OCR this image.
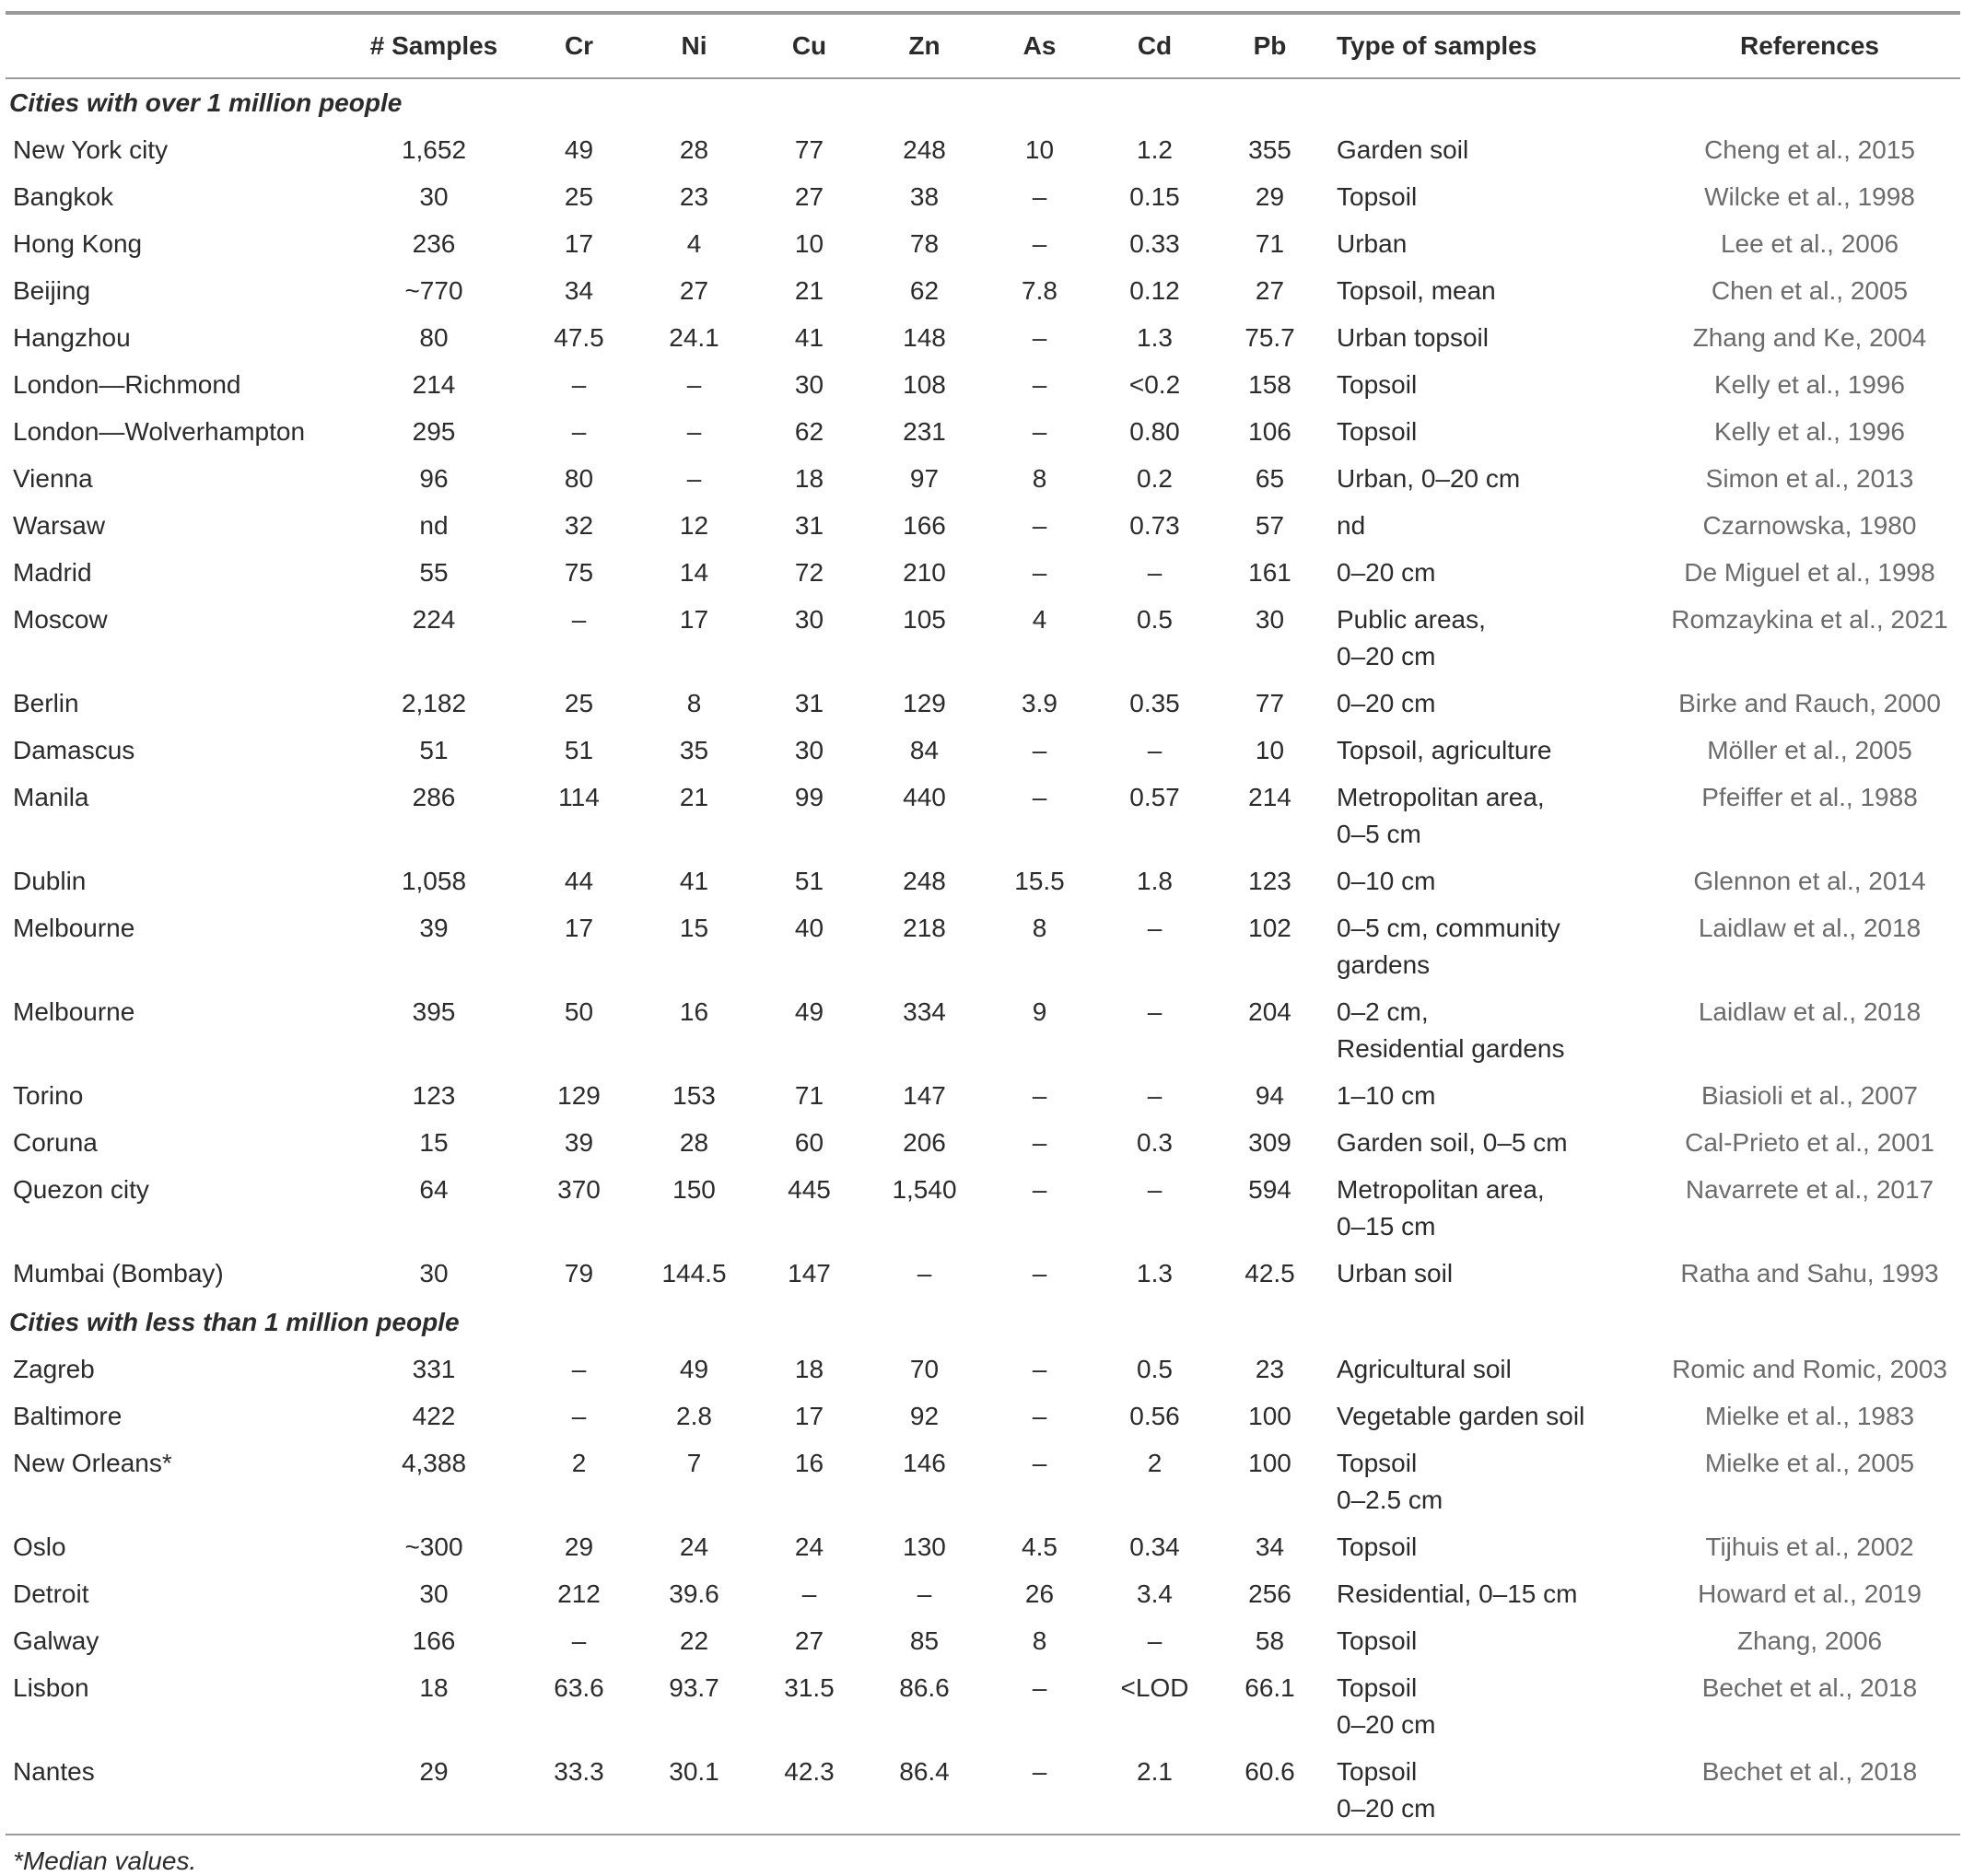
	# Samples	Cr	Ni	Cu	Zn	As	Cd	Pb	Type of samples	References
Cities with over 1 million people										
New York city	1,652	49	28	77	248	10	1.2	355	Garden soil	Cheng et al., 2015
Bangkok	30	25	23	27	38	–	0.15	29	Topsoil	Wilcke et al., 1998
Hong Kong	236	17	4	10	78	–	0.33	71	Urban	Lee et al., 2006
Beijing	~770	34	27	21	62	7.8	0.12	27	Topsoil, mean	Chen et al., 2005
Hangzhou	80	47.5	24.1	41	148	–	1.3	75.7	Urban topsoil	Zhang and Ke, 2004
London—Richmond	214	–	–	30	108	–	<0.2	158	Topsoil	Kelly et al., 1996
London—Wolverhampton	295	–	–	62	231	–	0.80	106	Topsoil	Kelly et al., 1996
Vienna	96	80	–	18	97	8	0.2	65	Urban, 0–20 cm	Simon et al., 2013
Warsaw	nd	32	12	31	166	–	0.73	57	nd	Czarnowska, 1980
Madrid	55	75	14	72	210	–	–	161	0–20 cm	De Miguel et al., 1998
Moscow	224	–	17	30	105	4	0.5	30	Public areas,
0–20 cm	Romzaykina et al., 2021
Berlin	2,182	25	8	31	129	3.9	0.35	77	0–20 cm	Birke and Rauch, 2000
Damascus	51	51	35	30	84	–	–	10	Topsoil, agriculture	Möller et al., 2005
Manila	286	114	21	99	440	–	0.57	214	Metropolitan area,
0–5 cm	Pfeiffer et al., 1988
Dublin	1,058	44	41	51	248	15.5	1.8	123	0–10 cm	Glennon et al., 2014
Melbourne	39	17	15	40	218	8	–	102	0–5 cm, community
gardens	Laidlaw et al., 2018
Melbourne	395	50	16	49	334	9	–	204	0–2 cm,
Residential gardens	Laidlaw et al., 2018
Torino	123	129	153	71	147	–	–	94	1–10 cm	Biasioli et al., 2007
Coruna	15	39	28	60	206	–	0.3	309	Garden soil, 0–5 cm	Cal-Prieto et al., 2001
Quezon city	64	370	150	445	1,540	–	–	594	Metropolitan area,
0–15 cm	Navarrete et al., 2017
Mumbai (Bombay)	30	79	144.5	147	–	–	1.3	42.5	Urban soil	Ratha and Sahu, 1993
Cities with less than 1 million people										
Zagreb	331	–	49	18	70	–	0.5	23	Agricultural soil	Romic and Romic, 2003
Baltimore	422	–	2.8	17	92	–	0.56	100	Vegetable garden soil	Mielke et al., 1983
New Orleans*	4,388	2	7	16	146	–	2	100	Topsoil
0–2.5 cm	Mielke et al., 2005
Oslo	~300	29	24	24	130	4.5	0.34	34	Topsoil	Tijhuis et al., 2002
Detroit	30	212	39.6	–	–	26	3.4	256	Residential, 0–15 cm	Howard et al., 2019
Galway	166	–	22	27	85	8	–	58	Topsoil	Zhang, 2006
Lisbon	18	63.6	93.7	31.5	86.6	–	<LOD	66.1	Topsoil
0–20 cm	Bechet et al., 2018
Nantes	29	33.3	30.1	42.3	86.4	–	2.1	60.6	Topsoil
0–20 cm	Bechet et al., 2018
*Median values.
